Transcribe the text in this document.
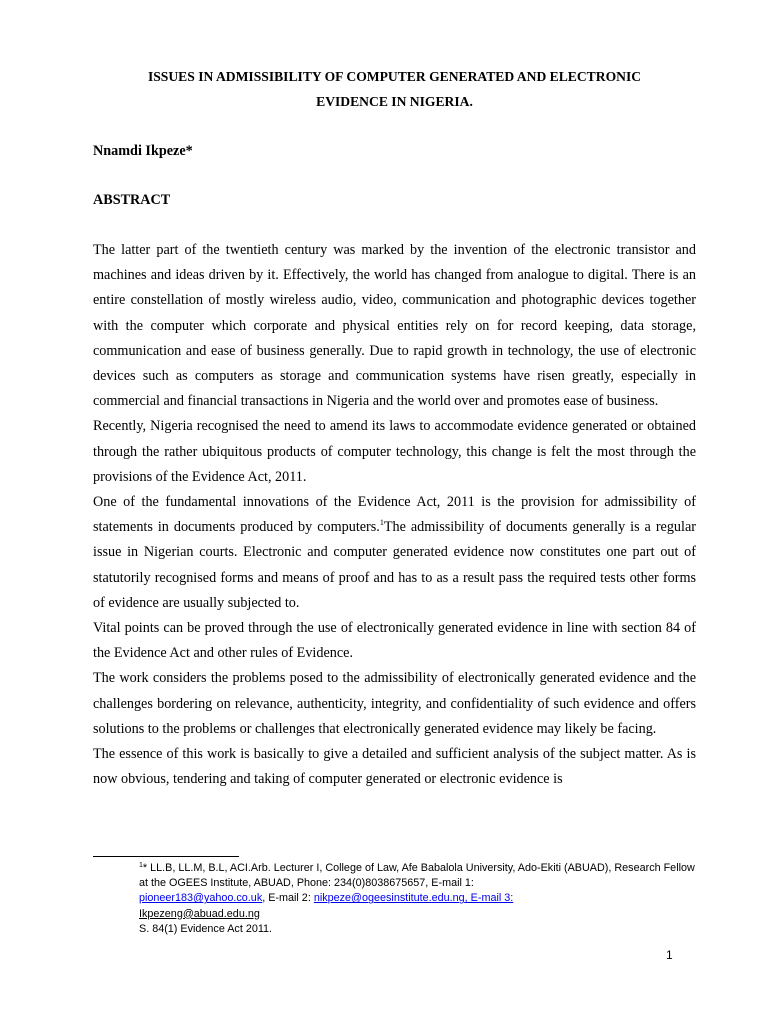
ISSUES IN ADMISSIBILITY OF COMPUTER GENERATED AND ELECTRONIC
EVIDENCE IN NIGERIA.
Nnamdi Ikpeze*
ABSTRACT

The latter part of the twentieth century was marked by the invention of the electronic transistor and machines and ideas driven by it. Effectively, the world has changed from analogue to digital. There is an entire constellation of mostly wireless audio, video, communication and photographic devices together with the computer which corporate and physical entities rely on for record keeping, data storage, communication and ease of business generally. Due to rapid growth in technology, the use of electronic devices such as computers as storage and communication systems have risen greatly, especially in commercial and financial transactions in Nigeria and the world over and promotes ease of business.

Recently, Nigeria recognised the need to amend its laws to accommodate evidence generated or obtained through the rather ubiquitous products of computer technology, this change is felt the most through the provisions of the Evidence Act, 2011.

One of the fundamental innovations of the Evidence Act, 2011 is the provision for admissibility of statements in documents produced by computers.$^1$The admissibility of documents generally is a regular issue in Nigerian courts. Electronic and computer generated evidence now constitutes one part out of statutorily recognised forms and means of proof and has to as a result pass the required tests other forms of evidence are usually subjected to.

Vital points can be proved through the use of electronically generated evidence in line with section 84 of the Evidence Act and other rules of Evidence.

The work considers the problems posed to the admissibility of electronically generated evidence and the challenges bordering on relevance, authenticity, integrity, and confidentiality of such evidence and offers solutions to the problems or challenges that electronically generated evidence may likely be facing.

The essence of this work is basically to give a detailed and sufficient analysis of the subject matter. As is now obvious, tendering and taking of computer generated or electronic evidence is

$^1$* LL.B, LL.M, B.L, ACI.Arb. Lecturer I, College of Law, Afe Babalola University, Ado-Ekiti (ABUAD), Research Fellow at the OGEES Institute, ABUAD, Phone: 234(0)8038675657, E-mail 1:
pioneer183@yahoo.co.uk, E-mail 2: nikpeze@ogeesinstitute.edu.ng, E-mail 3:
Ikpezeng@abuad.edu.ng
S. 84(1) Evidence Act 2011.
1
